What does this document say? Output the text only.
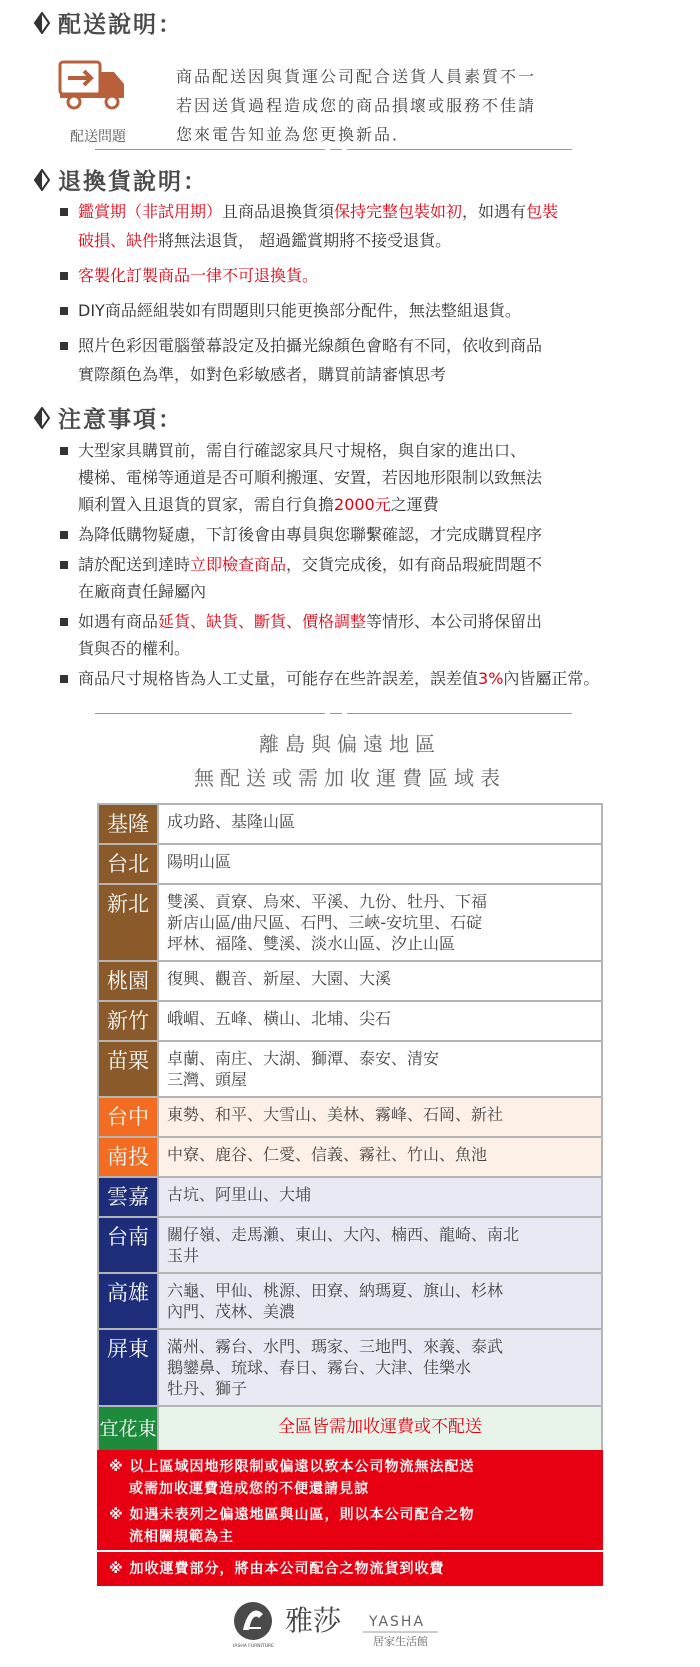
配送說明：
配送問題
商品配送因與貨運公司配合送貨人員素質不一
若因送貨過程造成您的商品損壞或服務不佳請
您來電告知並為您更換新品．
退換貨說明：
鑑賞期（非試用期）且商品退換貨須保持完整包裝如初，如遇有包裝
破損、缺件將無法退貨， 超過鑑賞期將不接受退貨。
客製化訂製商品一律不可退換貨。
DIY商品經組裝如有問題則只能更換部分配件，無法整組退貨。
照片色彩因電腦螢幕設定及拍攝光線顏色會略有不同，依收到商品
實際顏色為準，如對色彩敏感者，購買前請審慎思考
注意事項：
大型家具購買前，需自行確認家具尺寸規格，與自家的進出口、
樓梯、電梯等通道是否可順利搬運、安置，若因地形限制以致無法
順利置入且退貨的買家，需自行負擔2000元之運費
為降低購物疑慮，下訂後會由專員與您聯繫確認，才完成購買程序
請於配送到達時立即檢查商品，交貨完成後，如有商品瑕疵問題不
在廠商責任歸屬內
如遇有商品延貨、缺貨、斷貨、價格調整等情形、本公司將保留出
貨與否的權利。
商品尺寸規格皆為人工丈量，可能存在些許誤差，誤差值3%內皆屬正常。
離島與偏遠地區
無配送或需加收運費區域表
基隆	成功路、基隆山區
台北	陽明山區
新北	雙溪、貢寮、烏來、平溪、九份、牡丹、下福
新店山區/曲尺區、石門、三峽-安坑里、石碇
坪林、福隆、雙溪、淡水山區、汐止山區
桃園	復興、觀音、新屋、大園、大溪
新竹	峨嵋、五峰、橫山、北埔、尖石
苗栗	卓蘭、南庄、大湖、獅潭、泰安、清安
三灣、頭屋
台中	東勢、和平、大雪山、美林、霧峰、石岡、新社
南投	中寮、鹿谷、仁愛、信義、霧社、竹山、魚池
雲嘉	古坑、阿里山、大埔
台南	關仔嶺、走馬瀨、東山、大內、楠西、龍崎、南北
玉井
高雄	六龜、甲仙、桃源、田寮、納瑪夏、旗山、杉林
內門、茂林、美濃
屏東	滿州、霧台、水門、瑪家、三地門、來義、泰武
鵝鑾鼻、琉球、春日、霧台、大津、佳樂水
牡丹、獅子
宜花東	全區皆需加收運費或不配送
※ 以上區域因地形限制或偏遠以致本公司物流無法配送
或需加收運費造成您的不便還請見諒
※ 如遇未表列之偏遠地區與山區，則以本公司配合之物
流相關規範為主
※ 加收運費部分，將由本公司配合之物流貨到收費
YASHA FURNITURE
雅莎 YASHA
居家生活館
